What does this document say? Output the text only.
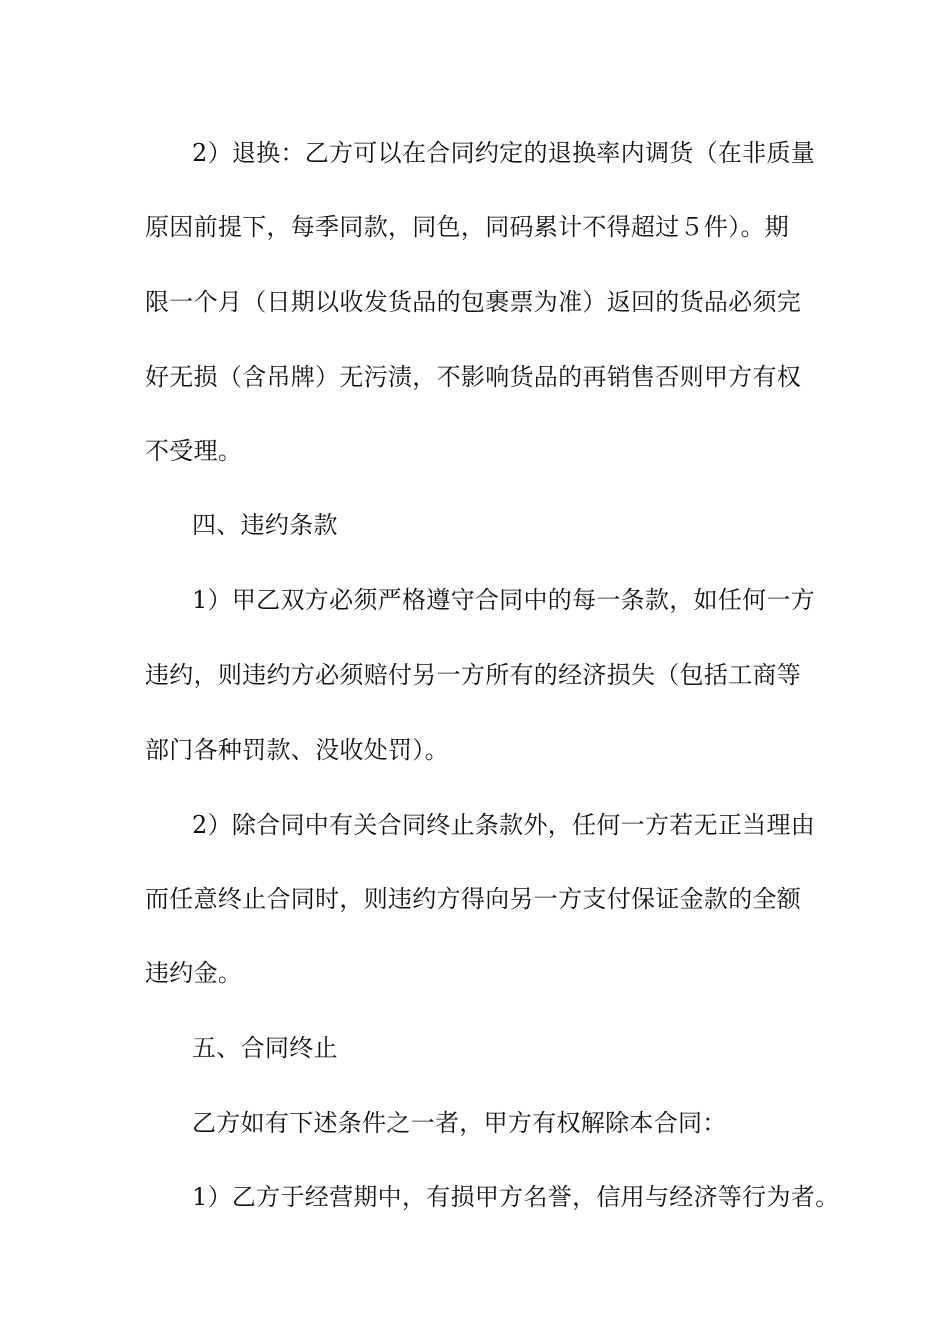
2）退换：乙方可以在合同约定的退换率内调货（在非质量
原因前提下，每季同款，同色，同码累计不得超过５件）。期
限一个月（日期以收发货品的包裹票为准）返回的货品必须完
好无损（含吊牌）无污渍，不影响货品的再销售否则甲方有权
不受理。
四、违约条款
1）甲乙双方必须严格遵守合同中的每一条款，如任何一方
违约，则违约方必须赔付另一方所有的经济损失（包括工商等
部门各种罚款、没收处罚）。
2）除合同中有关合同终止条款外，任何一方若无正当理由
而任意终止合同时，则违约方得向另一方支付保证金款的全额
违约金。
五、合同终止
乙方如有下述条件之一者，甲方有权解除本合同：
1）乙方于经营期中，有损甲方名誉，信用与经济等行为者。
